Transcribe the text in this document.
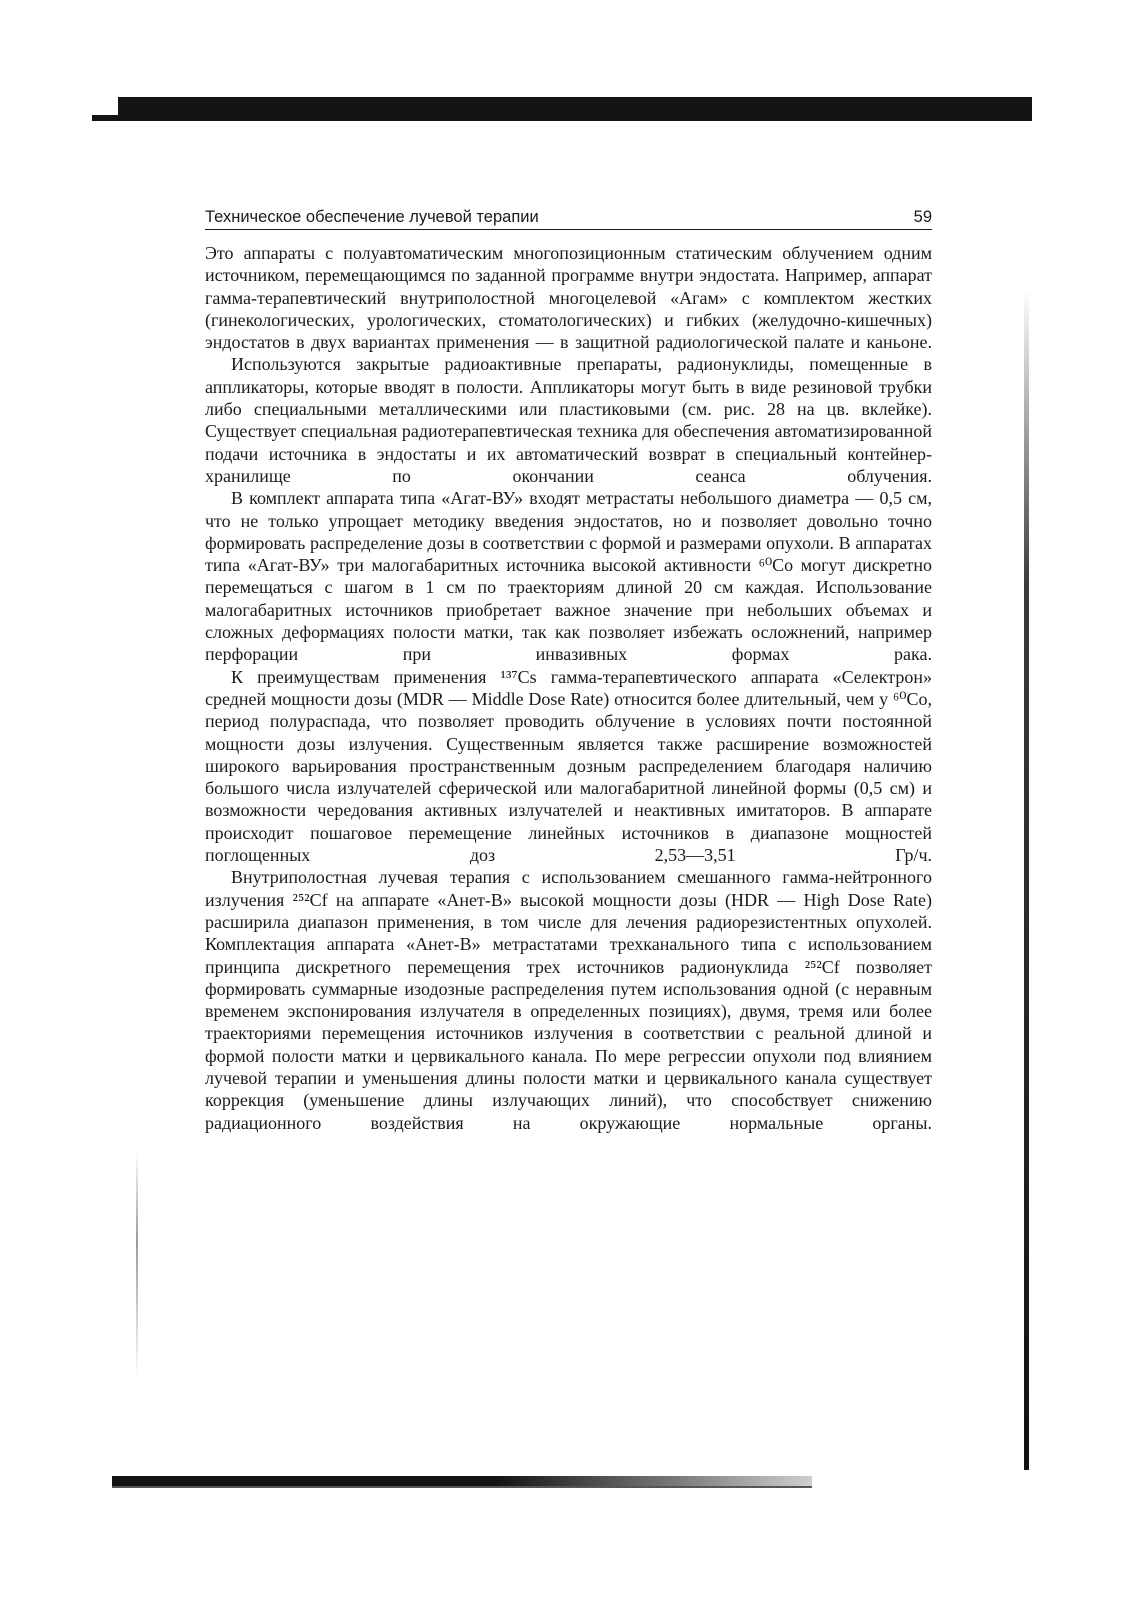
Техническое обеспечение лучевой терапии	59

Это аппараты с полуавтоматическим многопозиционным статическим облучением одним источником, перемещающимся по заданной программе внутри эндостата. Например, аппарат гамма-терапевтический внутриполостной многоцелевой «Агам» с комплектом жестких (гинекологических, урологических, стоматологических) и гибких (желудочно-кишечных) эндостатов в двух вариантах применения — в защитной радиологической палате и каньоне.

Используются закрытые радиоактивные препараты, радионуклиды, помещенные в аппликаторы, которые вводят в полости. Аппликаторы могут быть в виде резиновой трубки либо специальными металлическими или пластиковыми (см. рис. 28 на цв. вклейке). Существует специальная радиотерапевтическая техника для обеспечения автоматизированной подачи источника в эндостаты и их автоматический возврат в специальный контейнер-хранилище по окончании сеанса облучения.

В комплект аппарата типа «Агат-ВУ» входят метрастаты небольшого диаметра — 0,5 см, что не только упрощает методику введения эндостатов, но и позволяет довольно точно формировать распределение дозы в соответствии с формой и размерами опухоли. В аппаратах типа «Агат-ВУ» три малогабаритных источника высокой активности ⁶⁰Co могут дискретно перемещаться с шагом в 1 см по траекториям длиной 20 см каждая. Использование малогабаритных источников приобретает важное значение при небольших объемах и сложных деформациях полости матки, так как позволяет избежать осложнений, например перфорации при инвазивных формах рака.

К преимуществам применения ¹³⁷Cs гамма-терапевтического аппарата «Селектрон» средней мощности дозы (MDR — Middle Dose Rate) относится более длительный, чем у ⁶⁰Co, период полураспада, что позволяет проводить облучение в условиях почти постоянной мощности дозы излучения. Существенным является также расширение возможностей широкого варьирования пространственным дозным распределением благодаря наличию большого числа излучателей сферической или малогабаритной линейной формы (0,5 см) и возможности чередования активных излучателей и неактивных имитаторов. В аппарате происходит пошаговое перемещение линейных источников в диапазоне мощностей поглощенных доз 2,53—3,51 Гр/ч.

Внутриполостная лучевая терапия с использованием смешанного гамма-нейтронного излучения ²⁵²Cf на аппарате «Анет-В» высокой мощности дозы (HDR — High Dose Rate) расширила диапазон применения, в том числе для лечения радиорезистентных опухолей. Комплектация аппарата «Анет-В» метрастатами трехканального типа с использованием принципа дискретного перемещения трех источников радионуклида ²⁵²Cf позволяет формировать суммарные изодозные распределения путем использования одной (с неравным временем экспонирования излучателя в определенных позициях), двумя, тремя или более траекториями перемещения источников излучения в соответствии с реальной длиной и формой полости матки и цервикального канала. По мере регрессии опухоли под влиянием лучевой терапии и уменьшения длины полости матки и цервикального канала существует коррекция (уменьшение длины излучающих линий), что способствует снижению радиационного воздействия на окружающие нормальные органы.
